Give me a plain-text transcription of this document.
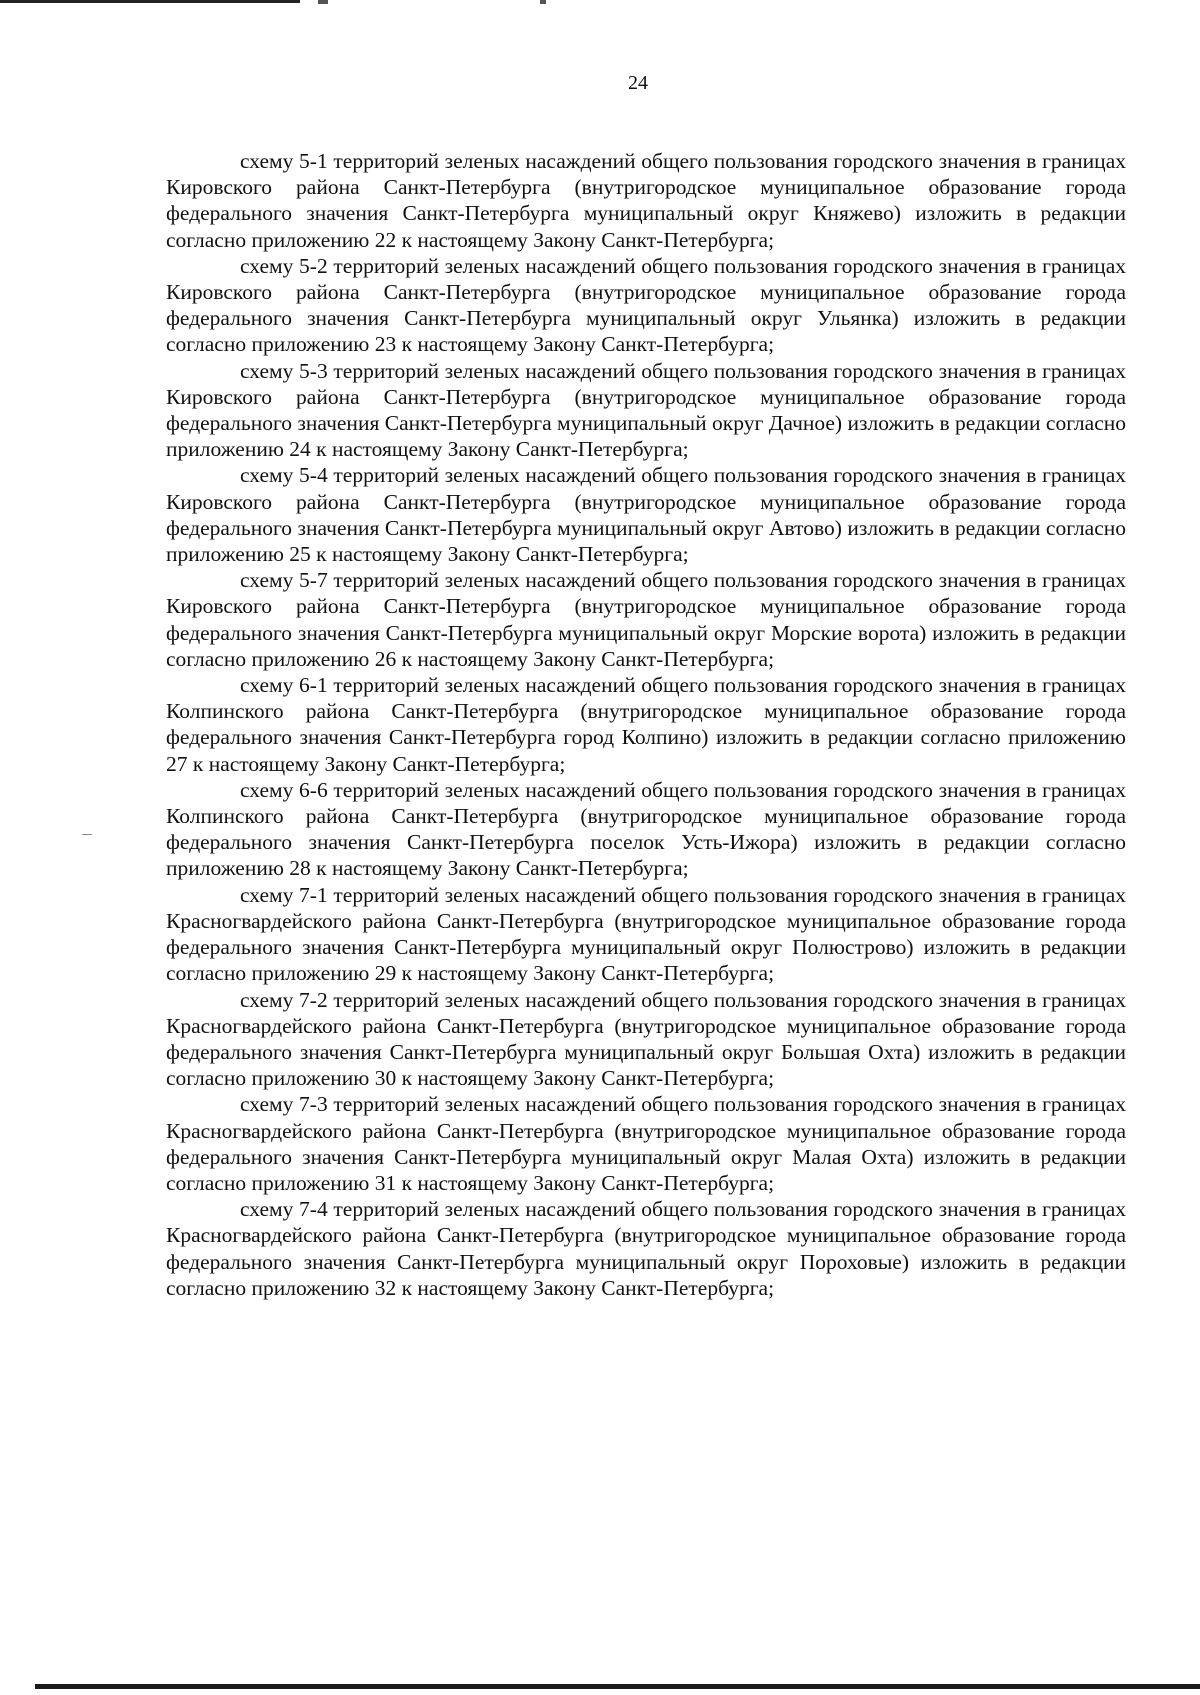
24

схему 5-1 территорий зеленых насаждений общего пользования городского значения в границах Кировского района Санкт-Петербурга (внутригородское муниципальное образование города федерального значения Санкт-Петербурга муниципальный округ Княжево) изложить в редакции согласно приложению 22 к настоящему Закону Санкт-Петербурга;

схему 5-2 территорий зеленых насаждений общего пользования городского значения в границах Кировского района Санкт-Петербурга (внутригородское муниципальное образование города федерального значения Санкт-Петербурга муниципальный округ Ульянка) изложить в редакции согласно приложению 23 к настоящему Закону Санкт-Петербурга;

схему 5-3 территорий зеленых насаждений общего пользования городского значения в границах Кировского района Санкт-Петербурга (внутригородское муниципальное образование города федерального значения Санкт-Петербурга муниципальный округ Дачное) изложить в редакции согласно приложению 24 к настоящему Закону Санкт-Петербурга;

схему 5-4 территорий зеленых насаждений общего пользования городского значения в границах Кировского района Санкт-Петербурга (внутригородское муниципальное образование города федерального значения Санкт-Петербурга муниципальный округ Автово) изложить в редакции согласно приложению 25 к настоящему Закону Санкт-Петербурга;

схему 5-7 территорий зеленых насаждений общего пользования городского значения в границах Кировского района Санкт-Петербурга (внутригородское муниципальное образование города федерального значения Санкт-Петербурга муниципальный округ Морские ворота) изложить в редакции согласно приложению 26 к настоящему Закону Санкт-Петербурга;

схему 6-1 территорий зеленых насаждений общего пользования городского значения в границах Колпинского района Санкт-Петербурга (внутригородское муниципальное образование города федерального значения Санкт-Петербурга город Колпино) изложить в редакции согласно приложению 27 к настоящему Закону Санкт-Петербурга;

схему 6-6 территорий зеленых насаждений общего пользования городского значения в границах Колпинского района Санкт-Петербурга (внутригородское муниципальное образование города федерального значения Санкт-Петербурга поселок Усть-Ижора) изложить в редакции согласно приложению 28 к настоящему Закону Санкт-Петербурга;

схему 7-1 территорий зеленых насаждений общего пользования городского значения в границах Красногвардейского района Санкт-Петербурга (внутригородское муниципальное образование города федерального значения Санкт-Петербурга муниципальный округ Полюстрово) изложить в редакции согласно приложению 29 к настоящему Закону Санкт-Петербурга;

схему 7-2 территорий зеленых насаждений общего пользования городского значения в границах Красногвардейского района Санкт-Петербурга (внутригородское муниципальное образование города федерального значения Санкт-Петербурга муниципальный округ Большая Охта) изложить в редакции согласно приложению 30 к настоящему Закону Санкт-Петербурга;

схему 7-3 территорий зеленых насаждений общего пользования городского значения в границах Красногвардейского района Санкт-Петербурга (внутригородское муниципальное образование города федерального значения Санкт-Петербурга муниципальный округ Малая Охта) изложить в редакции согласно приложению 31 к настоящему Закону Санкт-Петербурга;

схему 7-4 территорий зеленых насаждений общего пользования городского значения в границах Красногвардейского района Санкт-Петербурга (внутригородское муниципальное образование города федерального значения Санкт-Петербурга муниципальный округ Пороховые) изложить в редакции согласно приложению 32 к настоящему Закону Санкт-Петербурга;
